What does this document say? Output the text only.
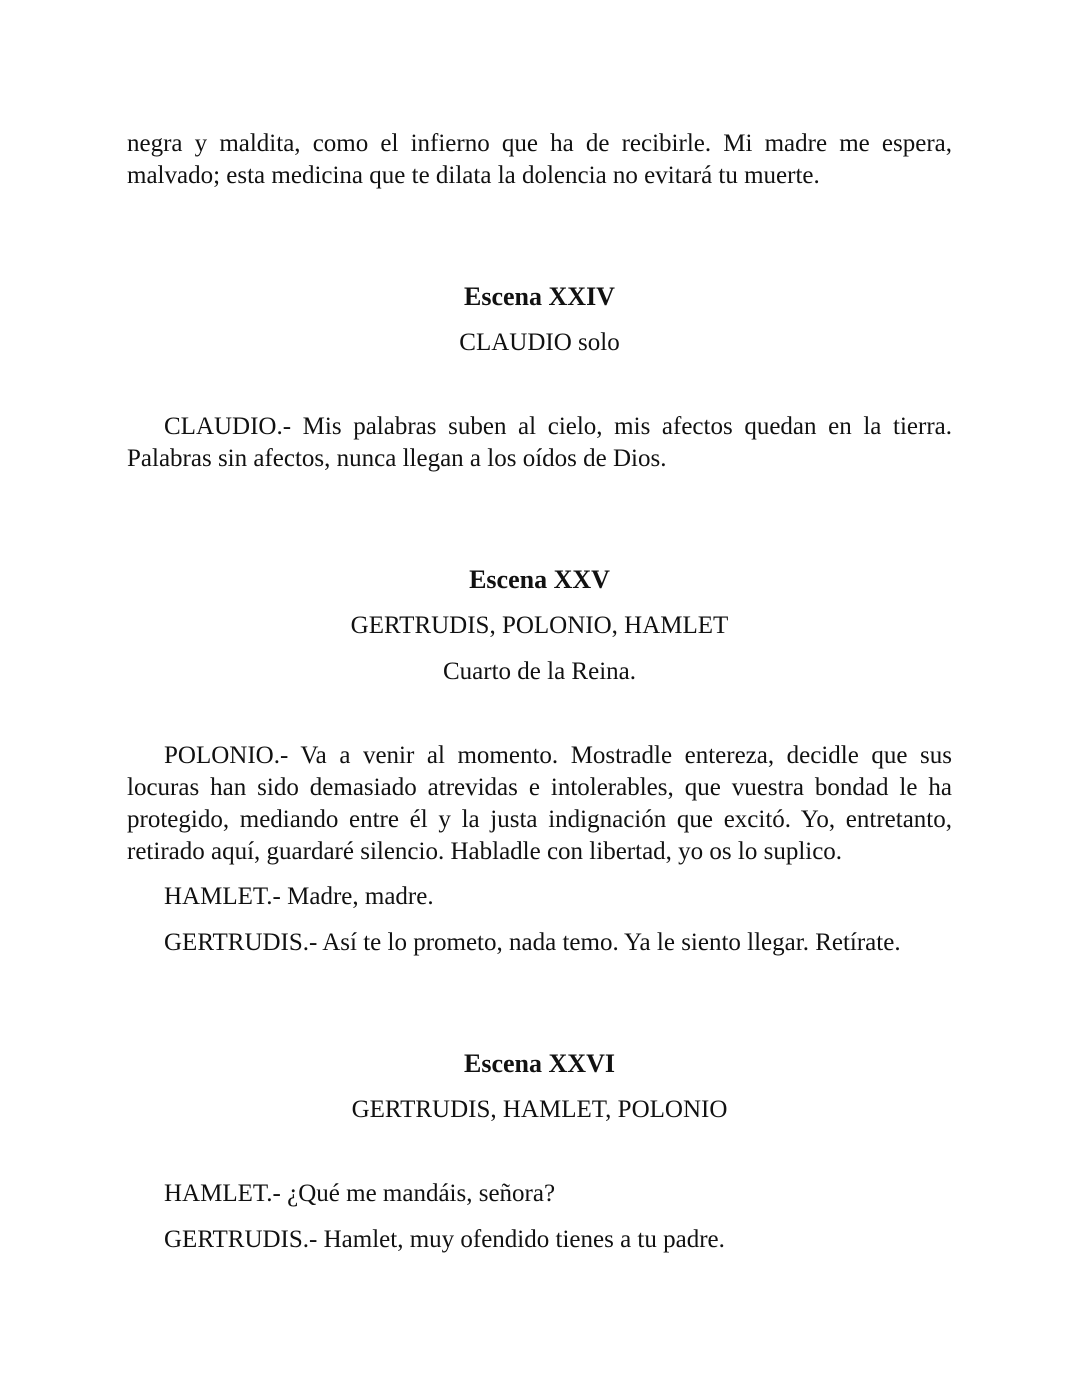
negra y maldita, como el infierno que ha de recibirle. Mi madre me espera, malvado; esta medicina que te dilata la dolencia no evitará tu muerte.

Escena XXIV
CLAUDIO solo

CLAUDIO.- Mis palabras suben al cielo, mis afectos quedan en la tierra. Palabras sin afectos, nunca llegan a los oídos de Dios.

Escena XXV
GERTRUDIS, POLONIO, HAMLET
Cuarto de la Reina.

POLONIO.- Va a venir al momento. Mostradle entereza, decidle que sus locuras han sido demasiado atrevidas e intolerables, que vuestra bondad le ha protegido, mediando entre él y la justa indignación que excitó. Yo, entretanto, retirado aquí, guardaré silencio. Habladle con libertad, yo os lo suplico.

HAMLET.- Madre, madre.

GERTRUDIS.- Así te lo prometo, nada temo. Ya le siento llegar. Retírate.

Escena XXVI
GERTRUDIS, HAMLET, POLONIO

HAMLET.- ¿Qué me mandáis, señora?

GERTRUDIS.- Hamlet, muy ofendido tienes a tu padre.
